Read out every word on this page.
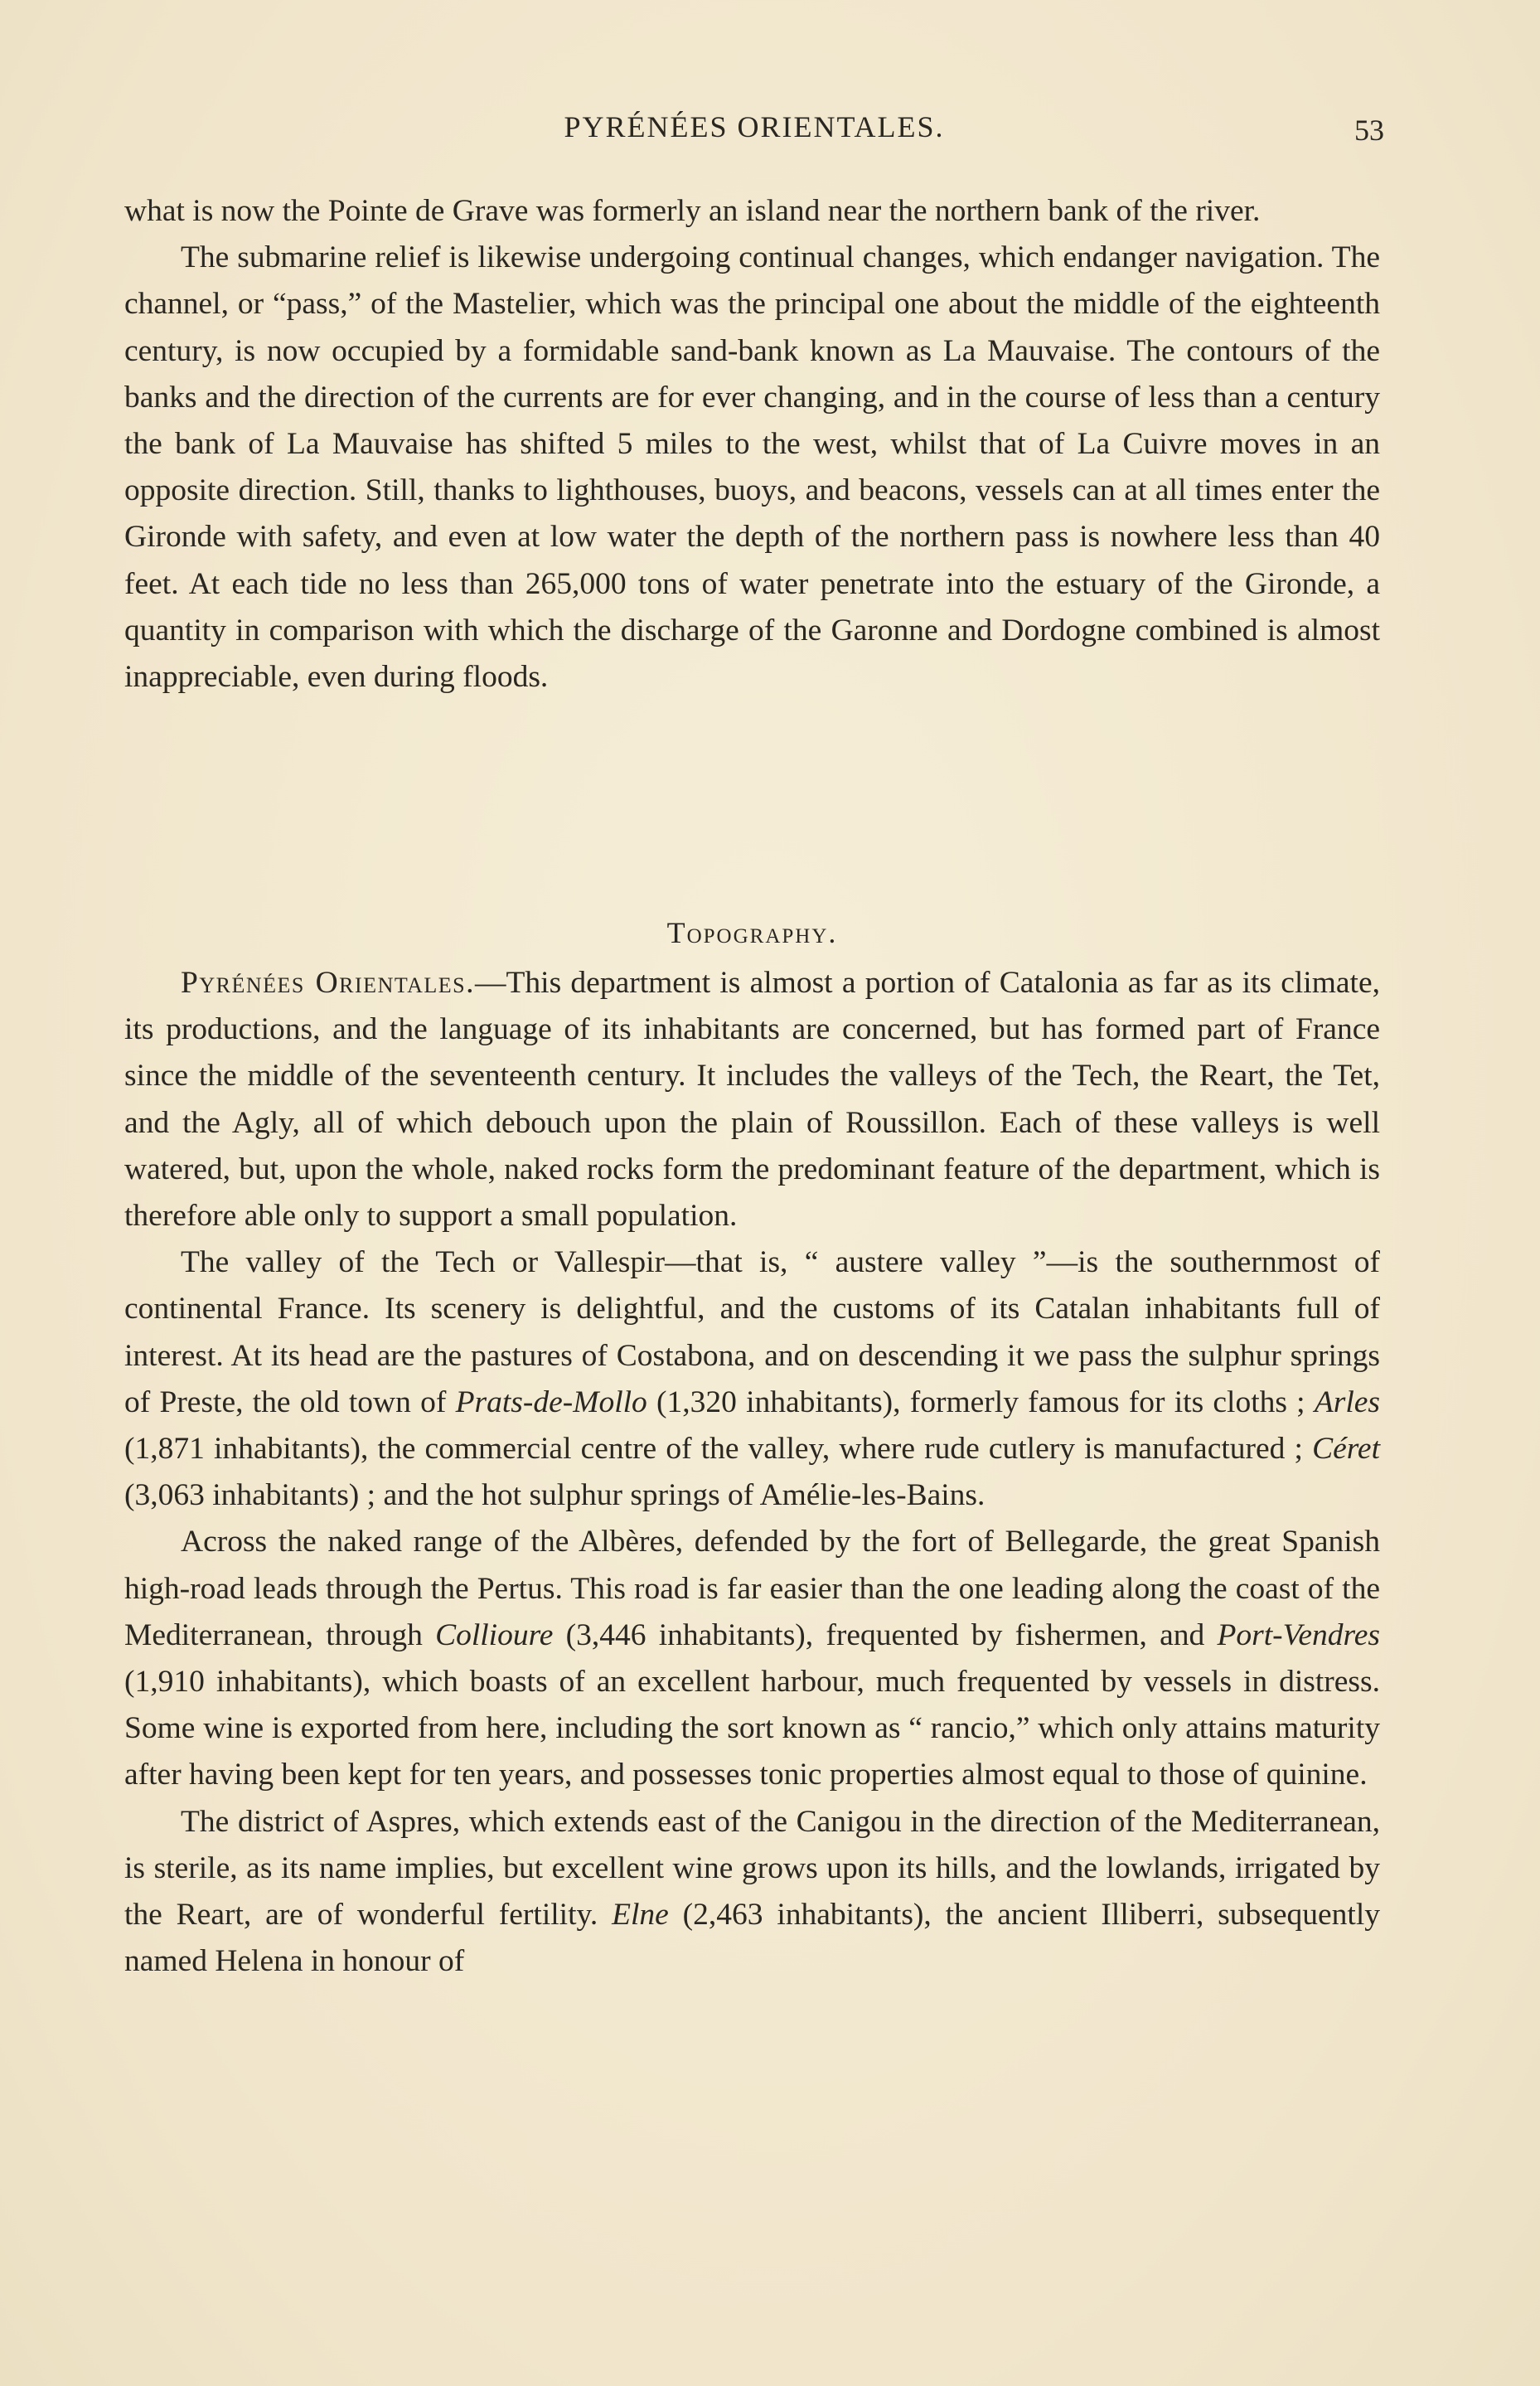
PYRÉNÉES ORIENTALES.	53

what is now the Pointe de Grave was formerly an island near the northern bank of the river.

The submarine relief is likewise undergoing continual changes, which endanger navigation. The channel, or “pass,” of the Mastelier, which was the principal one about the middle of the eighteenth century, is now occupied by a formidable sand-bank known as La Mauvaise. The contours of the banks and the direction of the currents are for ever changing, and in the course of less than a century the bank of La Mauvaise has shifted 5 miles to the west, whilst that of La Cuivre moves in an opposite direction. Still, thanks to lighthouses, buoys, and beacons, vessels can at all times enter the Gironde with safety, and even at low water the depth of the northern pass is nowhere less than 40 feet. At each tide no less than 265,000 tons of water penetrate into the estuary of the Gironde, a quantity in comparison with which the discharge of the Garonne and Dordogne combined is almost inappreciable, even during floods.

Topography.

Pyrénées Orientales.—This department is almost a portion of Catalonia as far as its climate, its productions, and the language of its inhabitants are concerned, but has formed part of France since the middle of the seventeenth century. It includes the valleys of the Tech, the Reart, the Tet, and the Agly, all of which debouch upon the plain of Roussillon. Each of these valleys is well watered, but, upon the whole, naked rocks form the predominant feature of the department, which is therefore able only to support a small population.

The valley of the Tech or Vallespir—that is, “ austere valley ”—is the southernmost of continental France. Its scenery is delightful, and the customs of its Catalan inhabitants full of interest. At its head are the pastures of Costabona, and on descending it we pass the sulphur springs of Preste, the old town of Prats-de-Mollo (1,320 inhabitants), formerly famous for its cloths ; Arles (1,871 inhabitants), the commercial centre of the valley, where rude cutlery is manufactured ; Céret (3,063 inhabitants) ; and the hot sulphur springs of Amélie-les-Bains.

Across the naked range of the Albères, defended by the fort of Bellegarde, the great Spanish high-road leads through the Pertus. This road is far easier than the one leading along the coast of the Mediterranean, through Collioure (3,446 inhabitants), frequented by fishermen, and Port-Vendres (1,910 inhabitants), which boasts of an excellent harbour, much frequented by vessels in distress. Some wine is exported from here, including the sort known as “ rancio,” which only attains maturity after having been kept for ten years, and possesses tonic properties almost equal to those of quinine.

The district of Aspres, which extends east of the Canigou in the direction of the Mediterranean, is sterile, as its name implies, but excellent wine grows upon its hills, and the lowlands, irrigated by the Reart, are of wonderful fertility. Elne (2,463 inhabitants), the ancient Illiberri, subsequently named Helena in honour of
